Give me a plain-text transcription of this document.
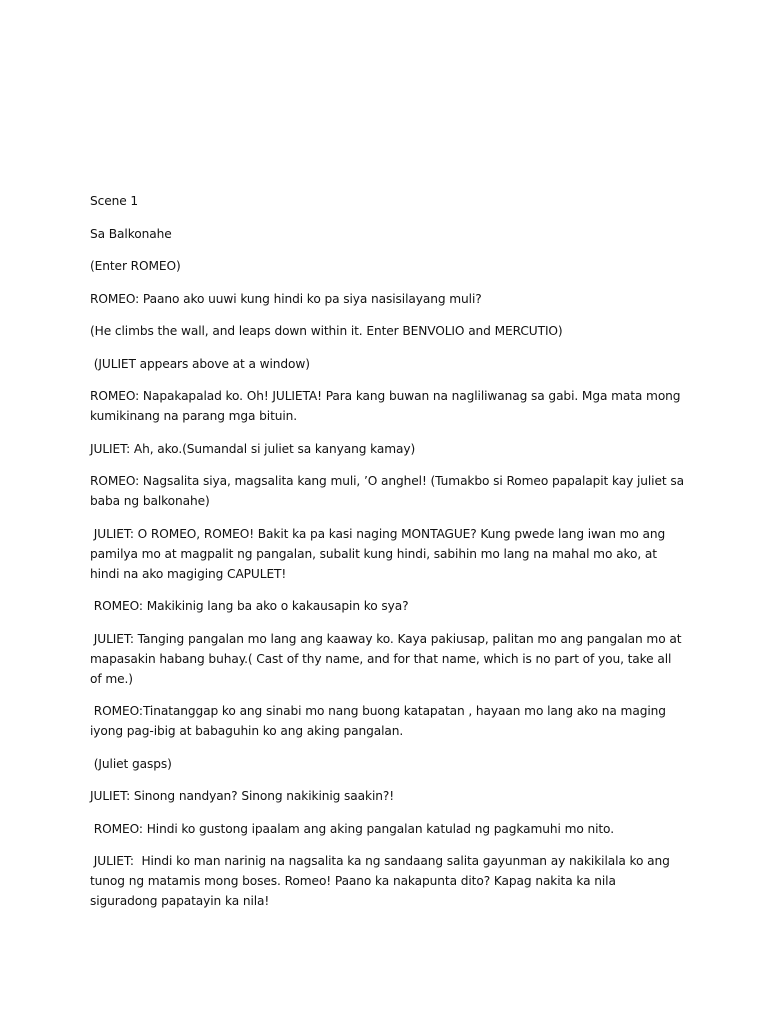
Scene 1

Sa Balkonahe

(Enter ROMEO)

ROMEO: Paano ako uuwi kung hindi ko pa siya nasisilayang muli?

(He climbs the wall, and leaps down within it. Enter BENVOLIO and MERCUTIO)

(JULIET appears above at a window)

ROMEO: Napakapalad ko. Oh! JULIETA! Para kang buwan na nagliliwanag sa gabi. Mga mata mong kumikinang na parang mga bituin.

JULIET: Ah, ako.(Sumandal si juliet sa kanyang kamay)

ROMEO: Nagsalita siya, magsalita kang muli, ’O anghel! (Tumakbo si Romeo papalapit kay juliet sa baba ng balkonahe)

JULIET: O ROMEO, ROMEO! Bakit ka pa kasi naging MONTAGUE? Kung pwede lang iwan mo ang pamilya mo at magpalit ng pangalan, subalit kung hindi, sabihin mo lang na mahal mo ako, at hindi na ako magiging CAPULET!

ROMEO: Makikinig lang ba ako o kakausapin ko sya?

JULIET: Tanging pangalan mo lang ang kaaway ko. Kaya pakiusap, palitan mo ang pangalan mo at mapasakin habang buhay.( Cast of thy name, and for that name, which is no part of you, take all of me.)

ROMEO:Tinatanggap ko ang sinabi mo nang buong katapatan , hayaan mo lang ako na maging iyong pag-ibig at babaguhin ko ang aking pangalan.

(Juliet gasps)

JULIET: Sinong nandyan? Sinong nakikinig saakin?!

ROMEO: Hindi ko gustong ipaalam ang aking pangalan katulad ng pagkamuhi mo nito.

JULIET:  Hindi ko man narinig na nagsalita ka ng sandaang salita gayunman ay nakikilala ko ang tunog ng matamis mong boses. Romeo! Paano ka nakapunta dito? Kapag nakita ka nila siguradong papatayin ka nila!
